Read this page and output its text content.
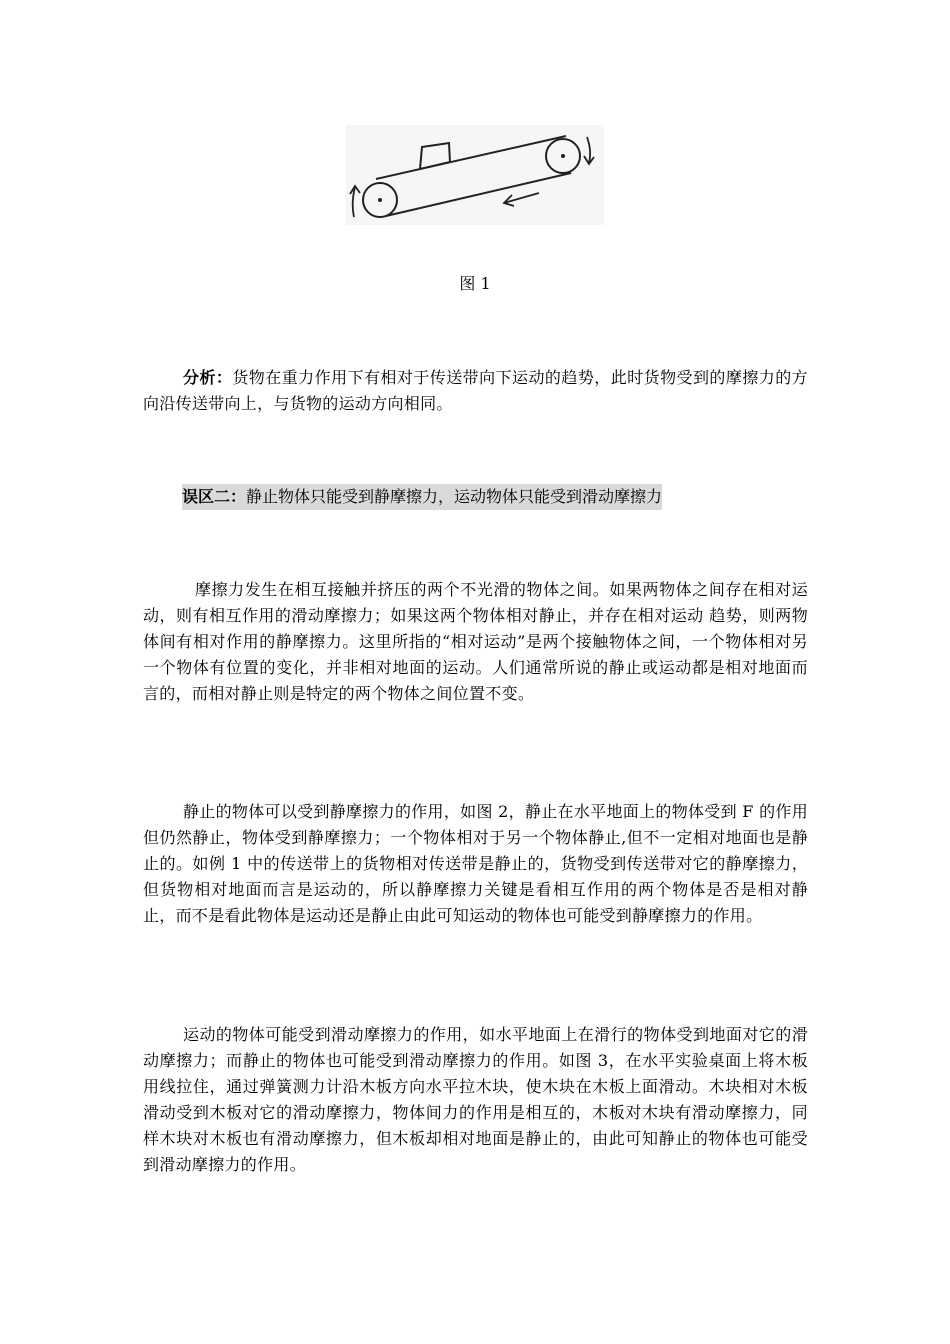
图 1

分析：货物在重力作用下有相对于传送带向下运动的趋势，此时货物受到的摩擦力的方向沿传送带向上，与货物的运动方向相同。

误区二：静止物体只能受到静摩擦力，运动物体只能受到滑动摩擦力

摩擦力发生在相互接触并挤压的两个不光滑的物体之间。如果两物体之间存在相对运动，则有相互作用的滑动摩擦力；如果这两个物体相对静止，并存在相对运动 趋势，则两物体间有相对作用的静摩擦力。这里所指的“相对运动”是两个接触物体之间，一个物体相对另一个物体有位置的变化，并非相对地面的运动。人们通常所说的静止或运动都是相对地面而言的，而相对静止则是特定的两个物体之间位置不变。

静止的物体可以受到静摩擦力的作用，如图 2，静止在水平地面上的物体受到 F 的作用但仍然静止，物体受到静摩擦力；一个物体相对于另一个物体静止,但不一定相对地面也是静止的。如例 1 中的传送带上的货物相对传送带是静止的，货物受到传送带对它的静摩擦力，但货物相对地面而言是运动的，所以静摩擦力关键是看相互作用的两个物体是否是相对静止，而不是看此物体是运动还是静止由此可知运动的物体也可能受到静摩擦力的作用。

运动的物体可能受到滑动摩擦力的作用，如水平地面上在滑行的物体受到地面对它的滑动摩擦力；而静止的物体也可能受到滑动摩擦力的作用。如图 3，在水平实验桌面上将木板用线拉住，通过弹簧测力计沿木板方向水平拉木块，使木块在木板上面滑动。木块相对木板滑动受到木板对它的滑动摩擦力，物体间力的作用是相互的，木板对木块有滑动摩擦力，同样木块对木板也有滑动摩擦力，但木板却相对地面是静止的，由此可知静止的物体也可能受到滑动摩擦力的作用。
